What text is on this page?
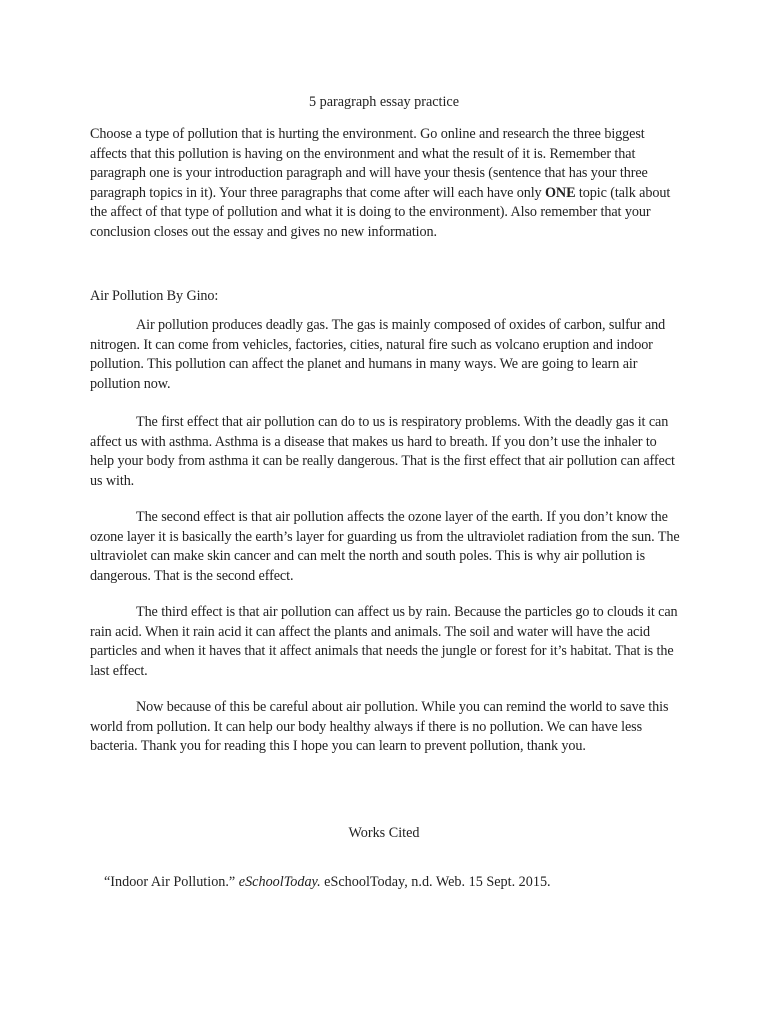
5 paragraph essay practice

Choose a type of pollution that is hurting the environment. Go online and research the three biggest affects that this pollution is having on the environment and what the result of it is. Remember that paragraph one is your introduction paragraph and will have your thesis (sentence that has your three paragraph topics in it). Your three paragraphs that come after will each have only ONE topic (talk about the affect of that type of pollution and what it is doing to the environment). Also remember that your conclusion closes out the essay and gives no new information.

Air Pollution By Gino:

Air pollution produces deadly gas. The gas is mainly composed of oxides of carbon, sulfur and nitrogen. It can come from vehicles, factories, cities, natural fire such as volcano eruption and indoor pollution. This pollution can affect the planet and humans in many ways. We are going to learn air pollution now.

The first effect that air pollution can do to us is respiratory problems. With the deadly gas it can affect us with asthma. Asthma is a disease that makes us hard to breath. If you don’t use the inhaler to help your body from asthma it can be really dangerous. That is the first effect that air pollution can affect us with.

The second effect is that air pollution affects the ozone layer of the earth. If you don’t know the ozone layer it is basically the earth’s layer for guarding us from the ultraviolet radiation from the sun. The ultraviolet can make skin cancer and can melt the north and south poles. This is why air pollution is dangerous. That is the second effect.

The third effect is that air pollution can affect us by rain. Because the particles go to clouds it can rain acid. When it rain acid it can affect the plants and animals. The soil and water will have the acid particles and when it haves that it affect animals that needs the jungle or forest for it’s habitat. That is the last effect.

Now because of this be careful about air pollution. While you can remind the world to save this world from pollution. It can help our body healthy always if there is no pollution. We can have less bacteria. Thank you for reading this I hope you can learn to prevent pollution, thank you.

Works Cited

“Indoor Air Pollution.” eSchoolToday. eSchoolToday, n.d. Web. 15 Sept. 2015.
